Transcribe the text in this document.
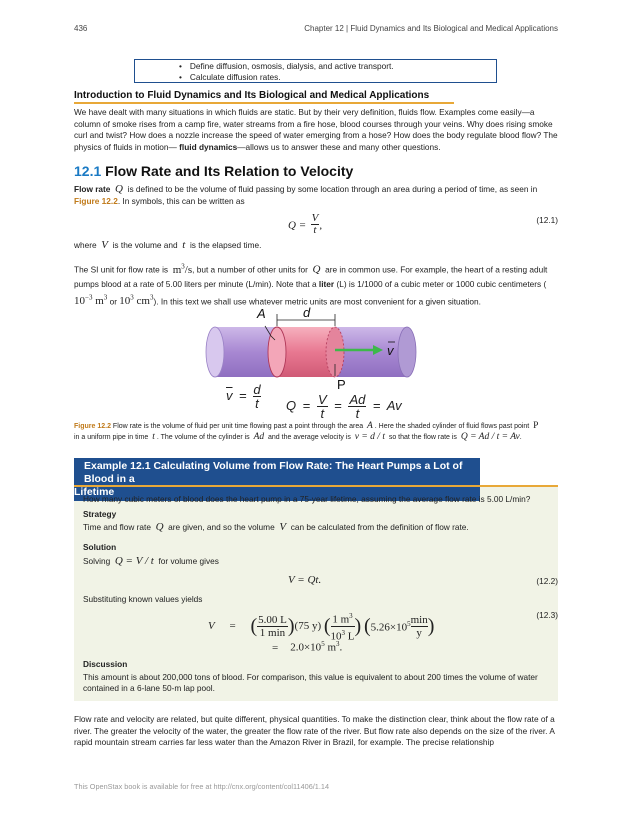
436	Chapter 12 | Fluid Dynamics and Its Biological and Medical Applications
• Define diffusion, osmosis, dialysis, and active transport.
• Calculate diffusion rates.
Introduction to Fluid Dynamics and Its Biological and Medical Applications

We have dealt with many situations in which fluids are static. But by their very definition, fluids flow. Examples come easily—a column of smoke rises from a camp fire, water streams from a fire hose, blood courses through your veins. Why does rising smoke curl and twist? How does a nozzle increase the speed of water emerging from a hose? How does the body regulate blood flow? The physics of fluids in motion— fluid dynamics—allows us to answer these and many other questions.

12.1 Flow Rate and Its Relation to Velocity

Flow rate Q is defined to be the volume of fluid passing by some location through an area during a period of time, as seen in
Figure 12.2. In symbols, this can be written as

$Q = \frac{V}{t}$ ,	(12.1)

where V is the volume and t is the elapsed time.

The SI unit for flow rate is $m^3/s$, but a number of other units for Q are in common use. For example, the heart of a resting adult pumps blood at a rate of 5.00 liters per minute (L/min). Note that a liter (L) is 1/1000 of a cubic meter or 1000 cubic centimeters ( $10^{-3}$ $m^3$ or $10^3$ $cm^3$). In this text we shall use whatever metric units are most convenient for a given situation.

A	d
v
P
$\overline{v} = \frac{d}{t}$ $Q = \frac{V}{t} = \frac{Ad}{t} = Av$

Figure 12.2 Flow rate is the volume of fluid per unit time flowing past a point through the area A . Here the shaded cylinder of fluid flows past point P
in a uniform pipe in time t . The volume of the cylinder is Ad and the average velocity is v = d / t so that the flow rate is Q = Ad / t = Av.

Example 12.1 Calculating Volume from Flow Rate: The Heart Pumps a Lot of Blood in a
Lifetime
How many cubic meters of blood does the heart pump in a 75-year lifetime, assuming the average flow rate is 5.00 L/min?
Strategy
Time and flow rate Q are given, and so the volume V can be calculated from the definition of flow rate.
Solution
Solving Q = V / t for volume gives
V = Qt.	(12.2)
Substituting known values yields
V = ( 5.00 L
1 min )(75 y) ( $\frac{1 m^3}{10^3 L}$ ) ($5.26\times 10^5$ min
y )
(12.3)
= $2.0\times 10^5$ $m^3$.
Discussion
This amount is about 200,000 tons of blood. For comparison, this value is equivalent to about 200 times the volume of water contained in a 6-lane 50-m lap pool.

Flow rate and velocity are related, but quite different, physical quantities. To make the distinction clear, think about the flow rate of a river. The greater the velocity of the water, the greater the flow rate of the river. But flow rate also depends on the size of the river. A rapid mountain stream carries far less water than the Amazon River in Brazil, for example. The precise relationship

This OpenStax book is available for free at http://cnx.org/content/col11406/1.14
